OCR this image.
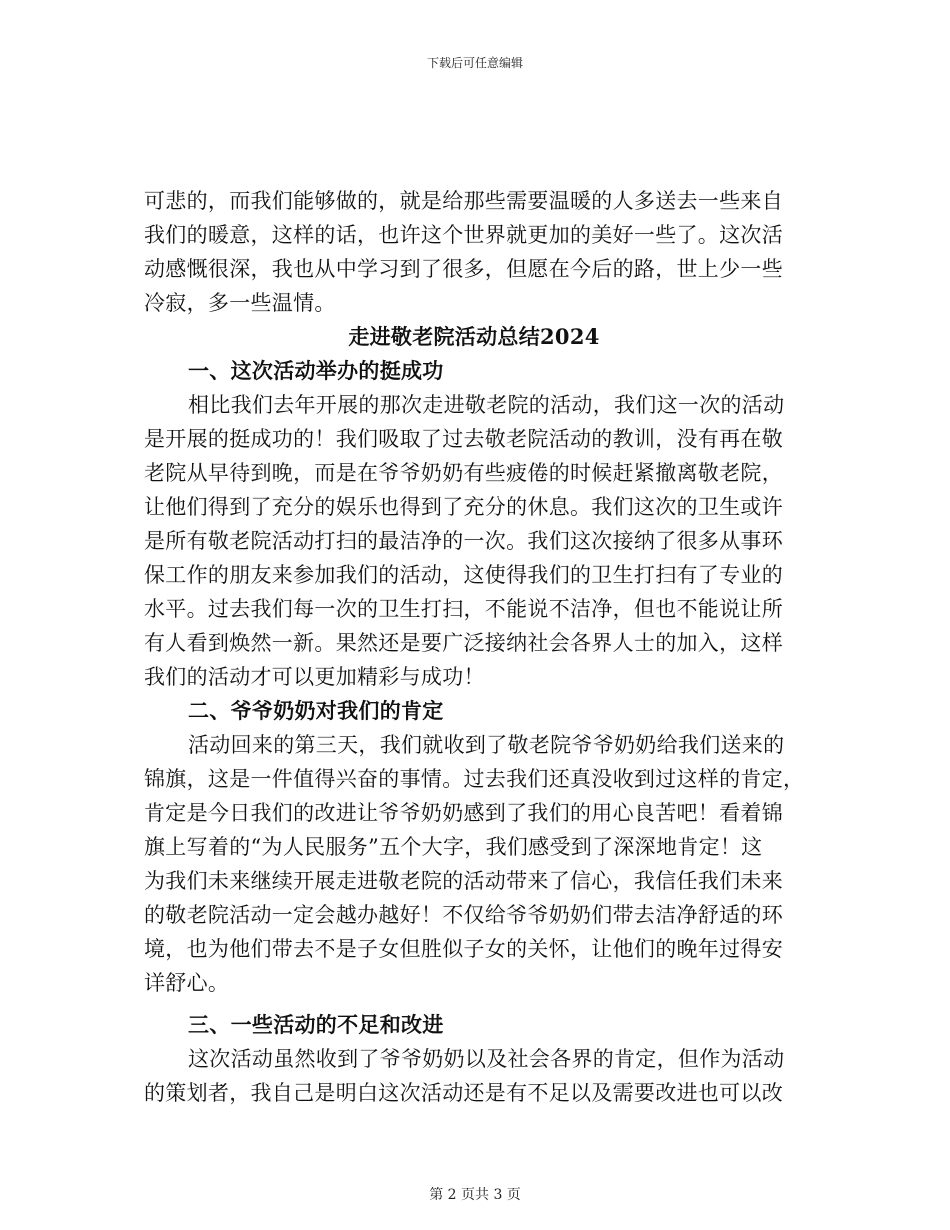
下载后可任意编辑
可悲的，而我们能够做的，就是给那些需要温暖的人多送去一些来自
我们的暖意，这样的话，也许这个世界就更加的美好一些了。这次活
动感慨很深，我也从中学习到了很多，但愿在今后的路，世上少一些
冷寂，多一些温情。
走进敬老院活动总结2024
一、这次活动举办的挺成功
相比我们去年开展的那次走进敬老院的活动，我们这一次的活动
是开展的挺成功的！我们吸取了过去敬老院活动的教训，没有再在敬
老院从早待到晚，而是在爷爷奶奶有些疲倦的时候赶紧撤离敬老院，
让他们得到了充分的娱乐也得到了充分的休息。我们这次的卫生或许
是所有敬老院活动打扫的最洁净的一次。我们这次接纳了很多从事环
保工作的朋友来参加我们的活动，这使得我们的卫生打扫有了专业的
水平。过去我们每一次的卫生打扫，不能说不洁净，但也不能说让所
有人看到焕然一新。果然还是要广泛接纳社会各界人士的加入，这样
我们的活动才可以更加精彩与成功！
二、爷爷奶奶对我们的肯定
活动回来的第三天，我们就收到了敬老院爷爷奶奶给我们送来的
锦旗，这是一件值得兴奋的事情。过去我们还真没收到过这样的肯定，
肯定是今日我们的改进让爷爷奶奶感到了我们的用心良苦吧！看着锦
旗上写着的“为人民服务”五个大字，我们感受到了深深地肯定！这
为我们未来继续开展走进敬老院的活动带来了信心，我信任我们未来
的敬老院活动一定会越办越好！不仅给爷爷奶奶们带去洁净舒适的环
境，也为他们带去不是子女但胜似子女的关怀，让他们的晚年过得安
详舒心。
三、一些活动的不足和改进
这次活动虽然收到了爷爷奶奶以及社会各界的肯定，但作为活动
的策划者，我自己是明白这次活动还是有不足以及需要改进也可以改
第 2 页共 3 页
